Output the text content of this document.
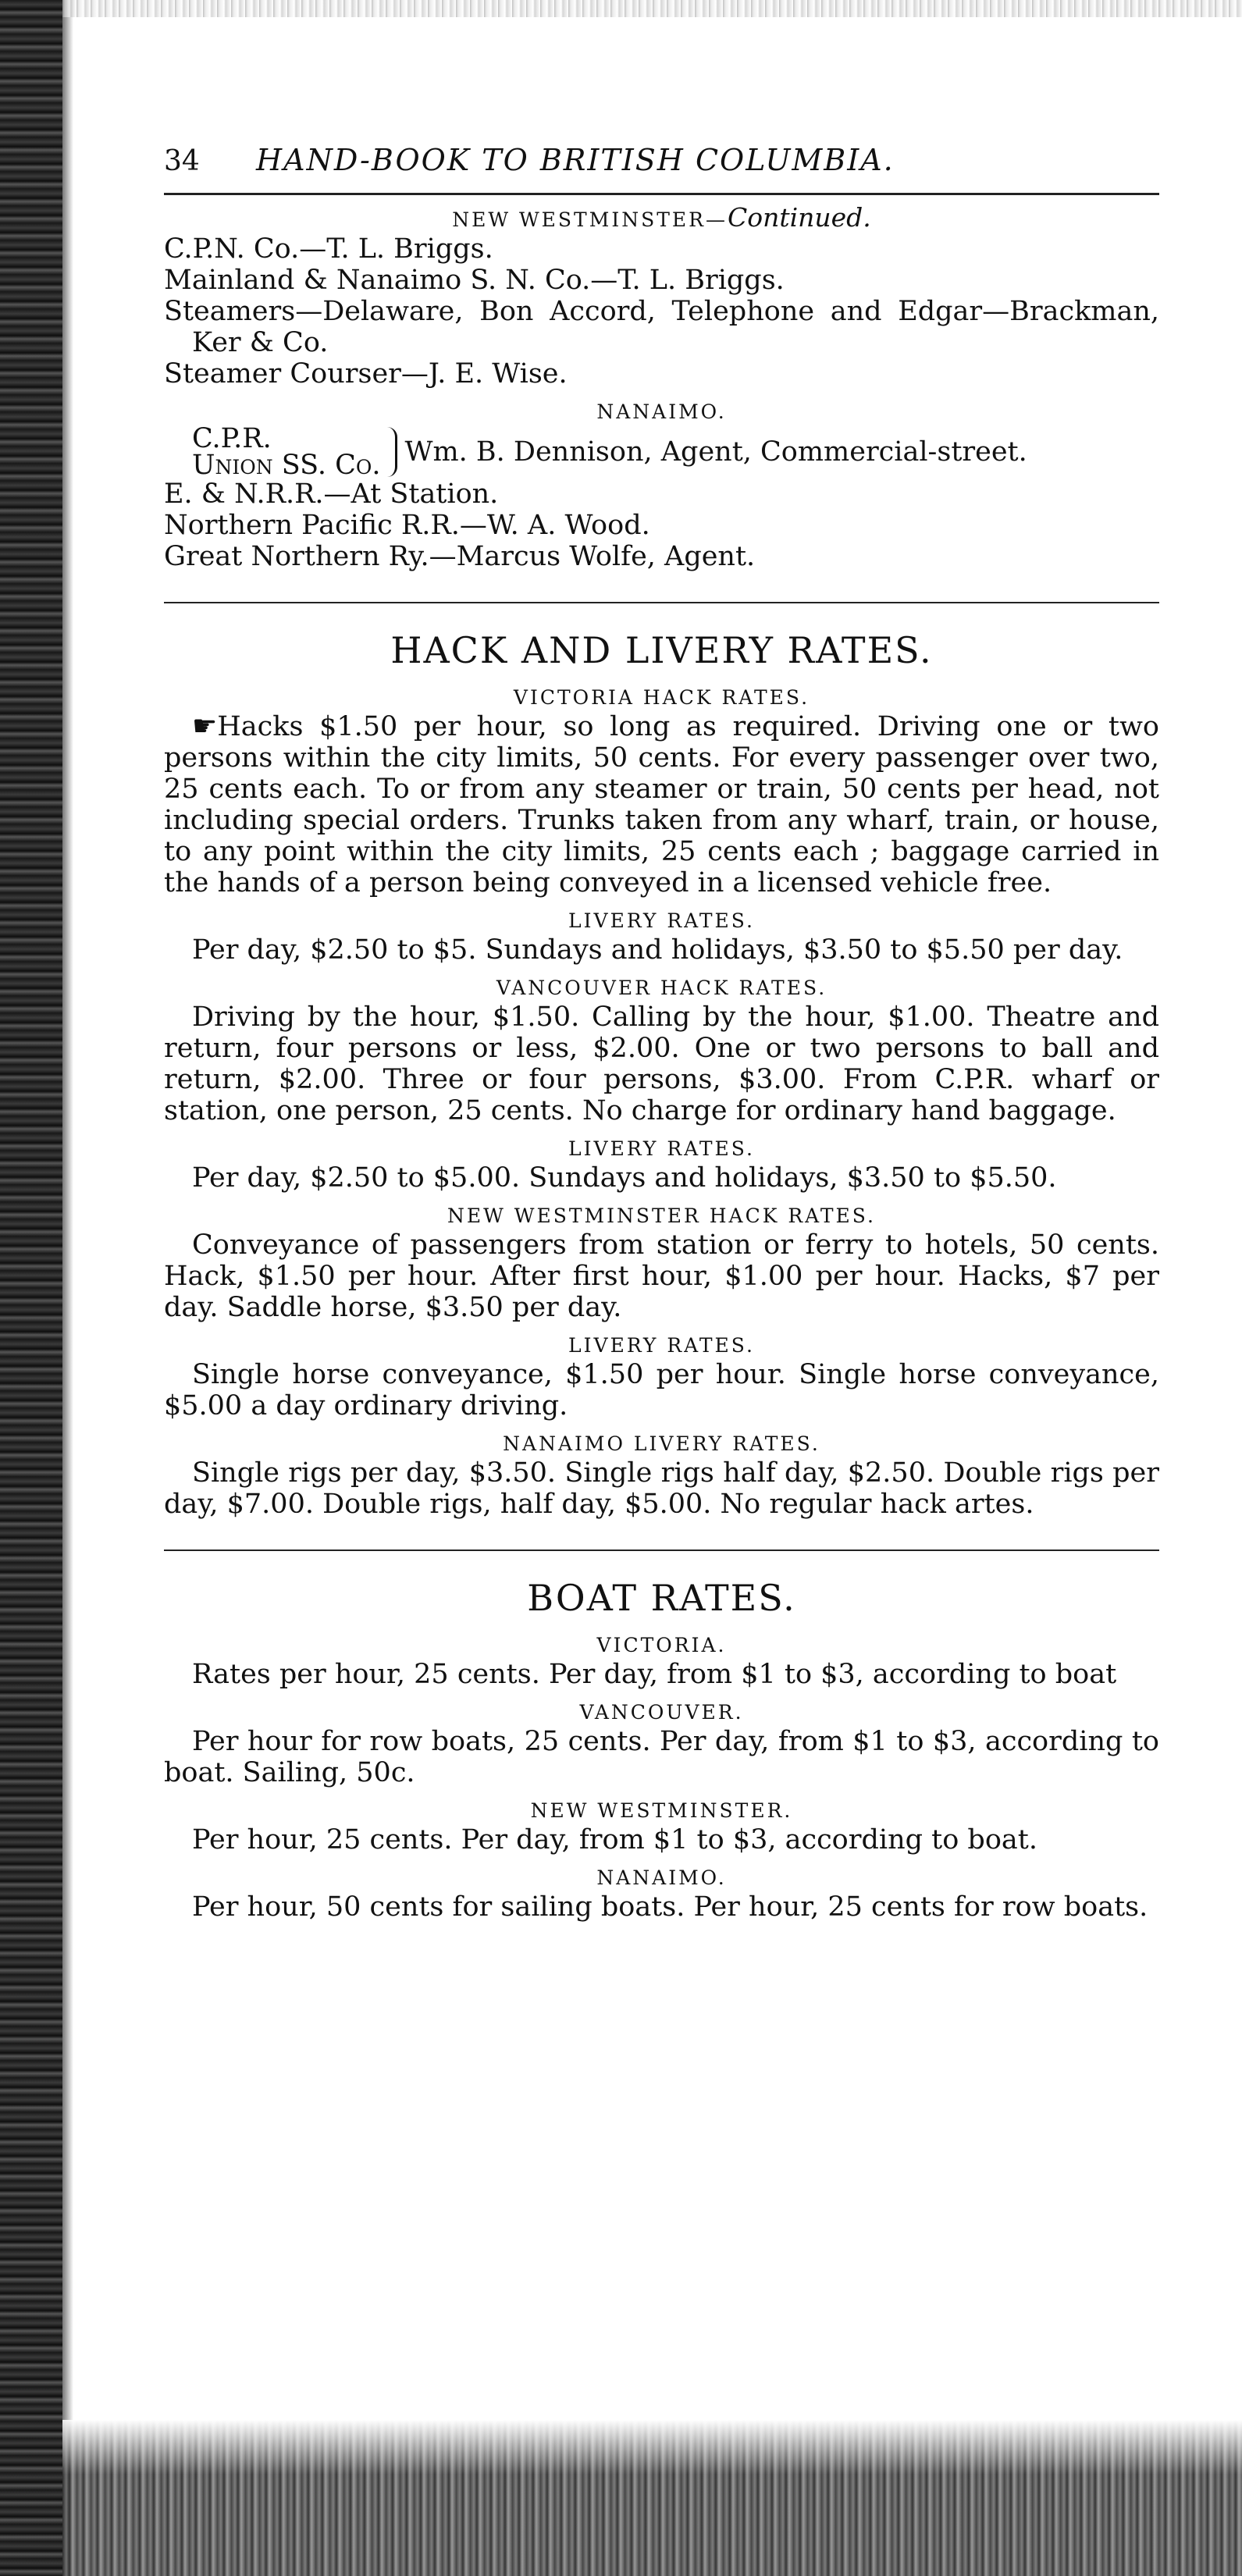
34	HAND-BOOK TO BRITISH COLUMBIA.
NEW WESTMINSTER—Continued.

C.P.N. Co.—T. L. Briggs.

Mainland & Nanaimo S. N. Co.—T. L. Briggs.

Steamers—Delaware, Bon Accord, Telephone and Edgar—Brackman, Ker & Co.

Steamer Courser—J. E. Wise.

NANAIMO.
C.P.R.
Union SS. Co. Wm. B. Dennison, Agent, Commercial-street.

E. & N.R.R.—At Station.

Northern Pacific R.R.—W. A. Wood.

Great Northern Ry.—Marcus Wolfe, Agent.

HACK AND LIVERY RATES.
VICTORIA HACK RATES.

☛Hacks $1.50 per hour, so long as required. Driving one or two persons within the city limits, 50 cents. For every passenger over two, 25 cents each. To or from any steamer or train, 50 cents per head, not including special orders. Trunks taken from any wharf, train, or house, to any point within the city limits, 25 cents each ; baggage carried in the hands of a person being conveyed in a licensed vehicle free.

LIVERY RATES.

Per day, $2.50 to $5. Sundays and holidays, $3.50 to $5.50 per day.

VANCOUVER HACK RATES.

Driving by the hour, $1.50. Calling by the hour, $1.00. Theatre and return, four persons or less, $2.00. One or two persons to ball and return, $2.00. Three or four persons, $3.00. From C.P.R. wharf or station, one person, 25 cents. No charge for ordinary hand baggage.

LIVERY RATES.

Per day, $2.50 to $5.00. Sundays and holidays, $3.50 to $5.50.

NEW WESTMINSTER HACK RATES.

Conveyance of passengers from station or ferry to hotels, 50 cents. Hack, $1.50 per hour. After first hour, $1.00 per hour. Hacks, $7 per day. Saddle horse, $3.50 per day.

LIVERY RATES.

Single horse conveyance, $1.50 per hour. Single horse conveyance, $5.00 a day ordinary driving.

NANAIMO LIVERY RATES.

Single rigs per day, $3.50. Single rigs half day, $2.50. Double rigs per day, $7.00. Double rigs, half day, $5.00. No regular hack artes.

BOAT RATES.
VICTORIA.

Rates per hour, 25 cents. Per day, from $1 to $3, according to boat

VANCOUVER.

Per hour for row boats, 25 cents. Per day, from $1 to $3, according to boat. Sailing, 50c.

NEW WESTMINSTER.

Per hour, 25 cents. Per day, from $1 to $3, according to boat.

NANAIMO.

Per hour, 50 cents for sailing boats. Per hour, 25 cents for row boats.
